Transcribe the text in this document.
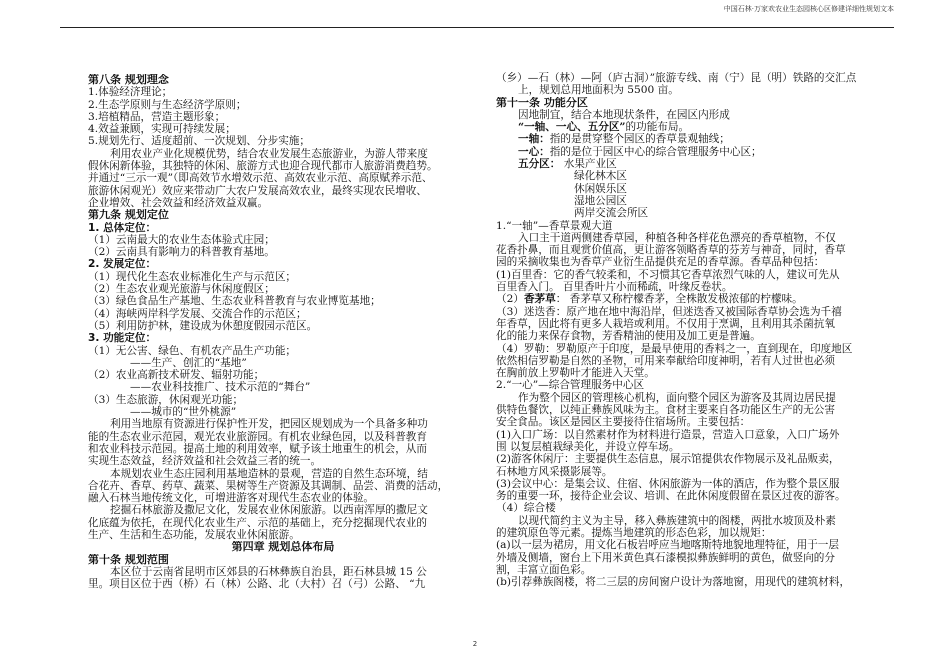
中国石林·万家欢农业生态园核心区修建详细性规划文本
第八条 规划理念
1.体验经济理论；
2.生态学原则与生态经济学原则；
3.培植精品，营造主题形象；
4.效益兼顾，实现可持续发展；
5.规划先行、适度超前、一次规划、分步实施；
利用农业产业化规模优势，结合农业发展生态旅游业，为游人带来度
假休闲新体验，其独特的休闲、旅游方式也迎合现代都市人旅游消费趋势。
并通过“三示一观”（即高效节水增效示范、高效农业示范、高原赋养示范、
旅游休闲观光）效应来带动广大农户发展高效农业，最终实现农民增收、
企业增效、社会效益和经济效益双赢。
第九条 规划定位
1. 总体定位：
（1）云南最大的农业生态体验式庄园；
（2）云南具有影响力的科普教育基地。
2. 发展定位：
（1）现代化生态农业标准化生产与示范区；
（2）生态农业观光旅游与休闲度假区；
（3）绿色食品生产基地、生态农业科普教育与农业博览基地；
（4）海峡两岸科学发展、交流合作的示范区；
（5）利用防护林，建设成为休憩度假园示范区。
3. 功能定位：
（1）无公害、绿色、有机农产品生产功能；
——生产、创汇的“基地”
（2）农业高新技术研发、辐射功能；
——农业科技推广、技术示范的“舞台”
（3）生态旅游，休闲观光功能；
——城市的“世外桃源”
利用当地原有资源进行保护性开发，把园区规划成为一个具备多种功
能的生态农业示范园，观光农业旅游园。有机农业绿色园，以及科普教育
和农业科技示范园。提高土地的利用效率，赋予该土地重生的机会，从而
实现生态效益，经济效益和社会效益三者的统一。
本规划农业生态庄园利用基地造林的景观，营造的自然生态环境，结
合花卉、香草、药草、蔬菜、果树等生产资源及其调制、品尝、消费的活动，
融入石林当地传统文化，可增进游客对现代生态农业的体验。
挖掘石林旅游及撒尼文化，发展农业休闲旅游。以西南浑厚的撒尼文
化底蕴为依托，在现代化农业生产、示范的基础上，充分挖掘现代农业的
生产、生活和生态功能，发展农业休闲旅游。
第四章 规划总体布局
第十条 规划范围
本区位于云南省昆明市区郊县的石林彝族自治县，距石林县城 15 公
里。项目区位于西（桥）石（林）公路、北（大村）召（弓）公路、 “九
（乡）—石（林）—阿（庐古洞）”旅游专线、南（宁）昆（明）铁路的交汇点
上，规划总用地面积为 5500 亩。
第十一条 功能分区
因地制宜，结合本地现状条件，在园区内形成
“一轴、一心、五分区”的功能布局。
一轴：指的是贯穿整个园区的香草景观轴线；
一心：指的是位于园区中心的综合管理服务中心区；
五分区： 水果产业区
绿化林木区
休闲娱乐区
湿地公园区
两岸交流会所区
1.“一轴”—香草景观大道
入口主干道两侧建香草园，种植各种各样花色漂亮的香草植物，不仅
花香扑鼻，而且观赏价值高，更让游客领略香草的芬芳与神奇，同时，香草
园的采摘收集也为香草产业衍生品提供充足的香草源。香草品种包括：
(1)百里香：它的香气较柔和，不习惯其它香草浓烈气味的人，建议可先从
百里香入门。 百里香叶片小而稀疏，叶缘反卷状。
（2）香茅草： 香茅草又称柠檬香茅，全株散发极浓郁的柠檬味。
（3）迷迭香：原产地在地中海沿岸，但迷迭香又被国际香草协会选为千禧
年香草，因此将有更多人栽培或利用。不仅用于烹调，且利用其杀菌抗氧
化的能力来保存食物，芳香精油的使用及加工更是普遍。
（4）罗勒：罗勒原产于印度，是最早使用的香料之一，直到现在，印度地区
依然相信罗勒是自然的圣物，可用来奉献给印度神明，若有人过世也必须
在胸前放上罗勒叶才能进入天堂。
2.“一心”—综合管理服务中心区
作为整个园区的管理核心机构，面向整个园区为游客及其周边居民提
供特色餐饮，以纯正彝族风味为主。食材主要来自各功能区生产的无公害
安全食品。该区是园区主要接待住宿场所。主要包括：
(1)入口广场：以自然素材作为材料进行造景，营造入口意象，入口广场外
围 以复层植栽绿美化，并设立停车场。
(2)游客休闲厅：主要提供生态信息，展示馆提供农作物展示及礼品贩卖，
石林地方风采摄影展等。
(3)会议中心：是集会议、住宿、休闲旅游为一体的酒店，作为整个景区服
务的重要一环，接待企业会议、培训、在此休闲度假留在景区过夜的游客。
（4）综合楼
以现代简约主义为主导，移入彝族建筑中的阁楼，两批水坡顶及朴素
的建筑原色等元素。提炼当地建筑的形态色彩，加以规矩：
(a)以一层为裙房，用文化石板岩呼应当地喀斯特地貌地理特征，用于一层
外墙及侧墙，窗台上下用米黄色真石漆模拟彝族鲜明的黄色，做竖向的分
割，丰富立面色彩。
(b)引荐彝族阁楼，将二三层的房间窗户设计为落地窗，用现代的建筑材料，
2
